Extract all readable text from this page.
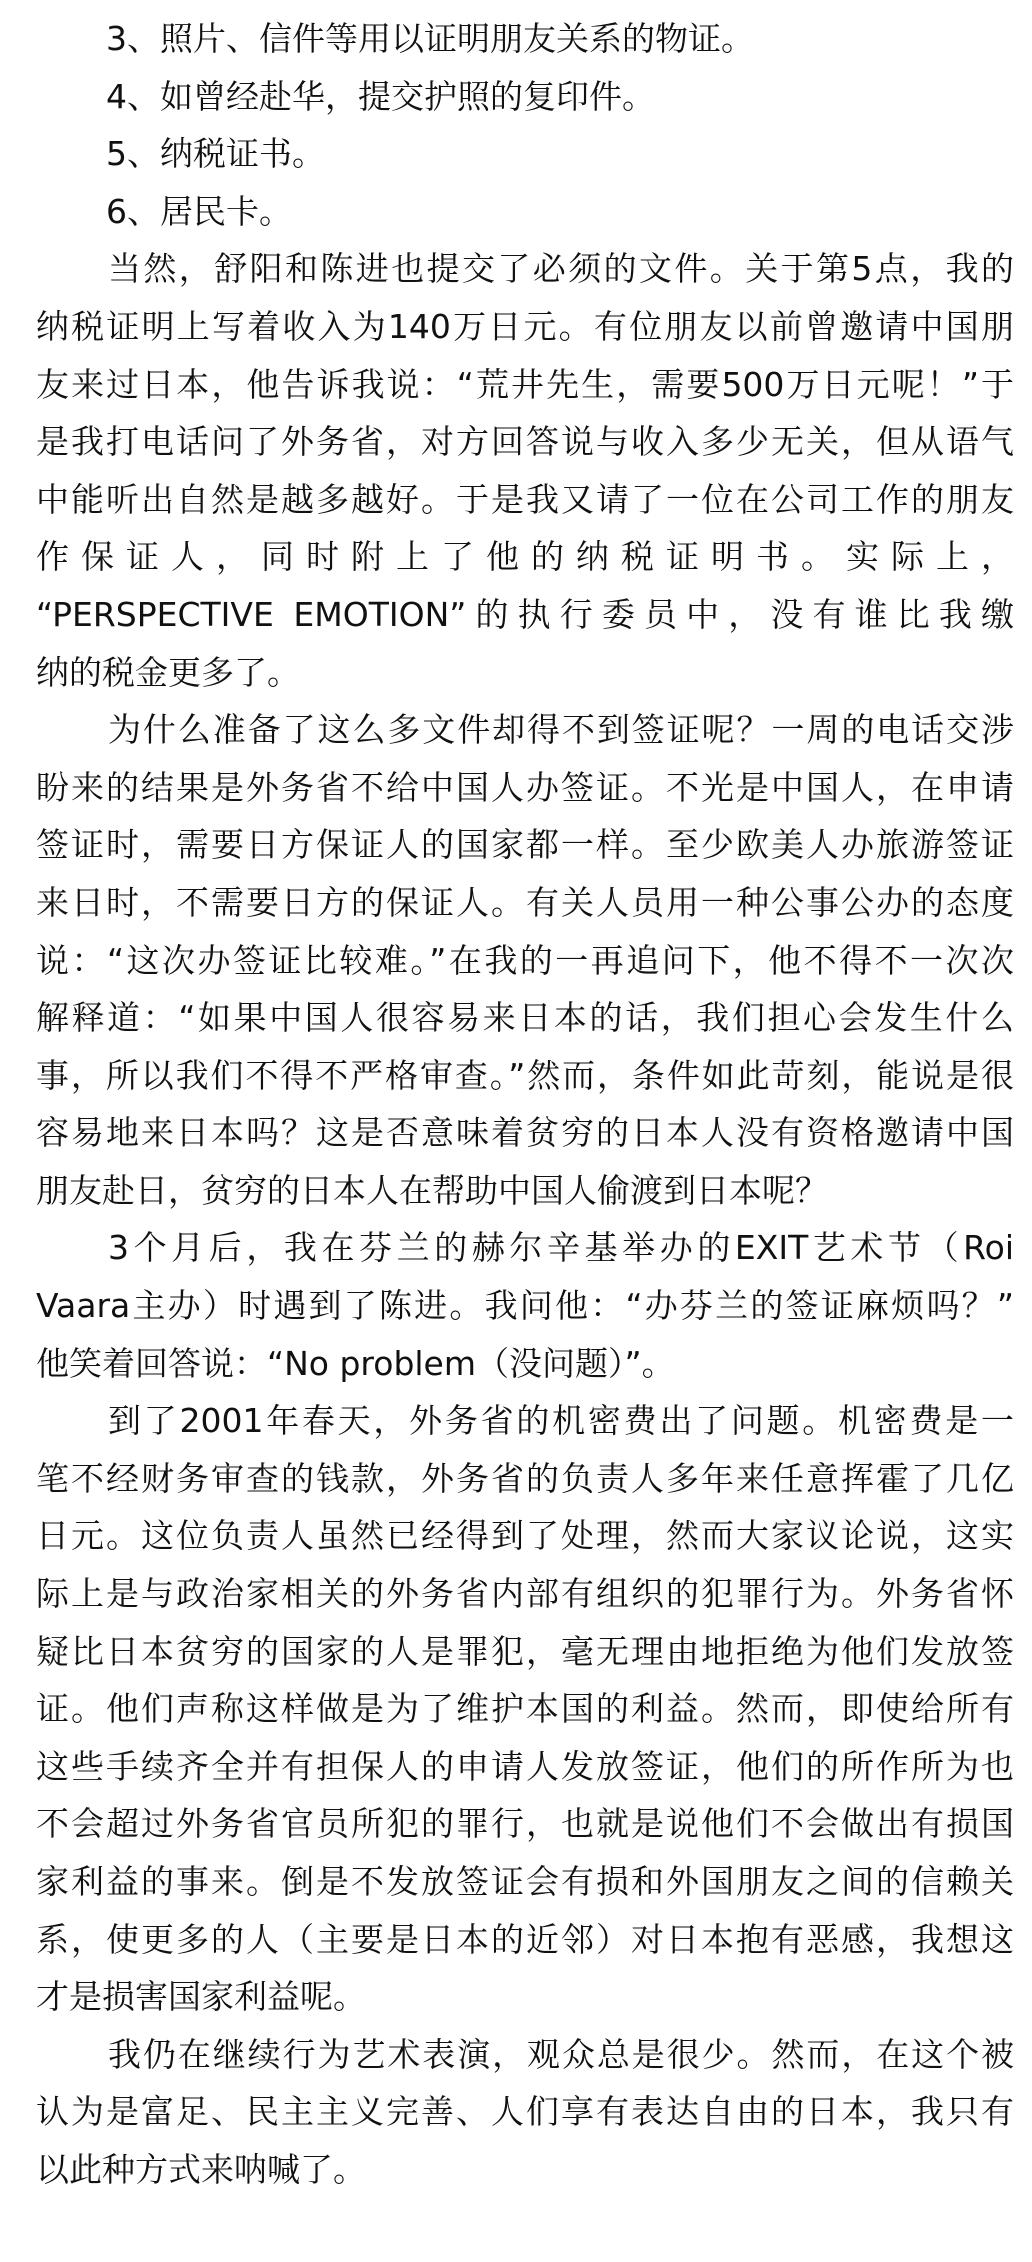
3、照片、信件等用以证明朋友关系的物证。
4、如曾经赴华，提交护照的复印件。
5、纳税证书。
6、居民卡。
当然，舒阳和陈进也提交了必须的文件。关于第5点，我的
纳税证明上写着收入为140万日元。有位朋友以前曾邀请中国朋
友来过日本，他告诉我说：“荒井先生，需要500万日元呢！”于
是我打电话问了外务省，对方回答说与收入多少无关，但从语气
中能听出自然是越多越好。于是我又请了一位在公司工作的朋友
作保证人，同时附上了他的纳税证明书。实际上，
“PERSPECTIVE EMOTION”的执行委员中，没有谁比我缴
纳的税金更多了。
为什么准备了这么多文件却得不到签证呢？一周的电话交涉
盼来的结果是外务省不给中国人办签证。不光是中国人，在申请
签证时，需要日方保证人的国家都一样。至少欧美人办旅游签证
来日时，不需要日方的保证人。有关人员用一种公事公办的态度
说：“这次办签证比较难。”在我的一再追问下，他不得不一次次
解释道：“如果中国人很容易来日本的话，我们担心会发生什么
事，所以我们不得不严格审查。”然而，条件如此苛刻，能说是很
容易地来日本吗？这是否意味着贫穷的日本人没有资格邀请中国
朋友赴日，贫穷的日本人在帮助中国人偷渡到日本呢？
3个月后，我在芬兰的赫尔辛基举办的EXIT艺术节（Roi
Vaara主办）时遇到了陈进。我问他：“办芬兰的签证麻烦吗？”
他笑着回答说：“No problem（没问题）”。
到了2001年春天，外务省的机密费出了问题。机密费是一
笔不经财务审查的钱款，外务省的负责人多年来任意挥霍了几亿
日元。这位负责人虽然已经得到了处理，然而大家议论说，这实
际上是与政治家相关的外务省内部有组织的犯罪行为。外务省怀
疑比日本贫穷的国家的人是罪犯，毫无理由地拒绝为他们发放签
证。他们声称这样做是为了维护本国的利益。然而，即使给所有
这些手续齐全并有担保人的申请人发放签证，他们的所作所为也
不会超过外务省官员所犯的罪行，也就是说他们不会做出有损国
家利益的事来。倒是不发放签证会有损和外国朋友之间的信赖关
系，使更多的人（主要是日本的近邻）对日本抱有恶感，我想这
才是损害国家利益呢。
我仍在继续行为艺术表演，观众总是很少。然而，在这个被
认为是富足、民主主义完善、人们享有表达自由的日本，我只有
以此种方式来呐喊了。
